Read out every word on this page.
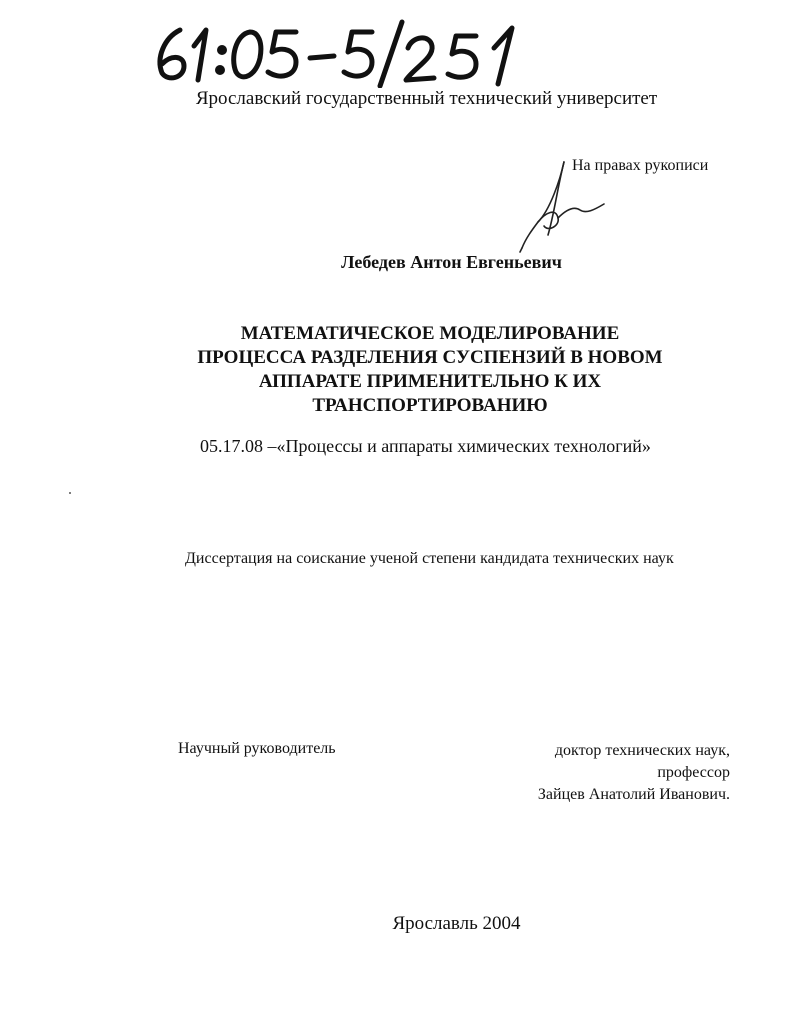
Ярославский государственный технический университет
На правах рукописи
Лебедев Антон Евгеньевич
МАТЕМАТИЧЕСКОЕ МОДЕЛИРОВАНИЕ
ПРОЦЕССА РАЗДЕЛЕНИЯ СУСПЕНЗИЙ В НОВОМ
АППАРАТЕ ПРИМЕНИТЕЛЬНО К ИХ
ТРАНСПОРТИРОВАНИЮ
05.17.08 –«Процессы и аппараты химических технологий»
Диссертация на соискание ученой степени кандидата технических наук
Научный руководитель	доктор технических наук,
профессор
Зайцев Анатолий Иванович.
Ярославль 2004
